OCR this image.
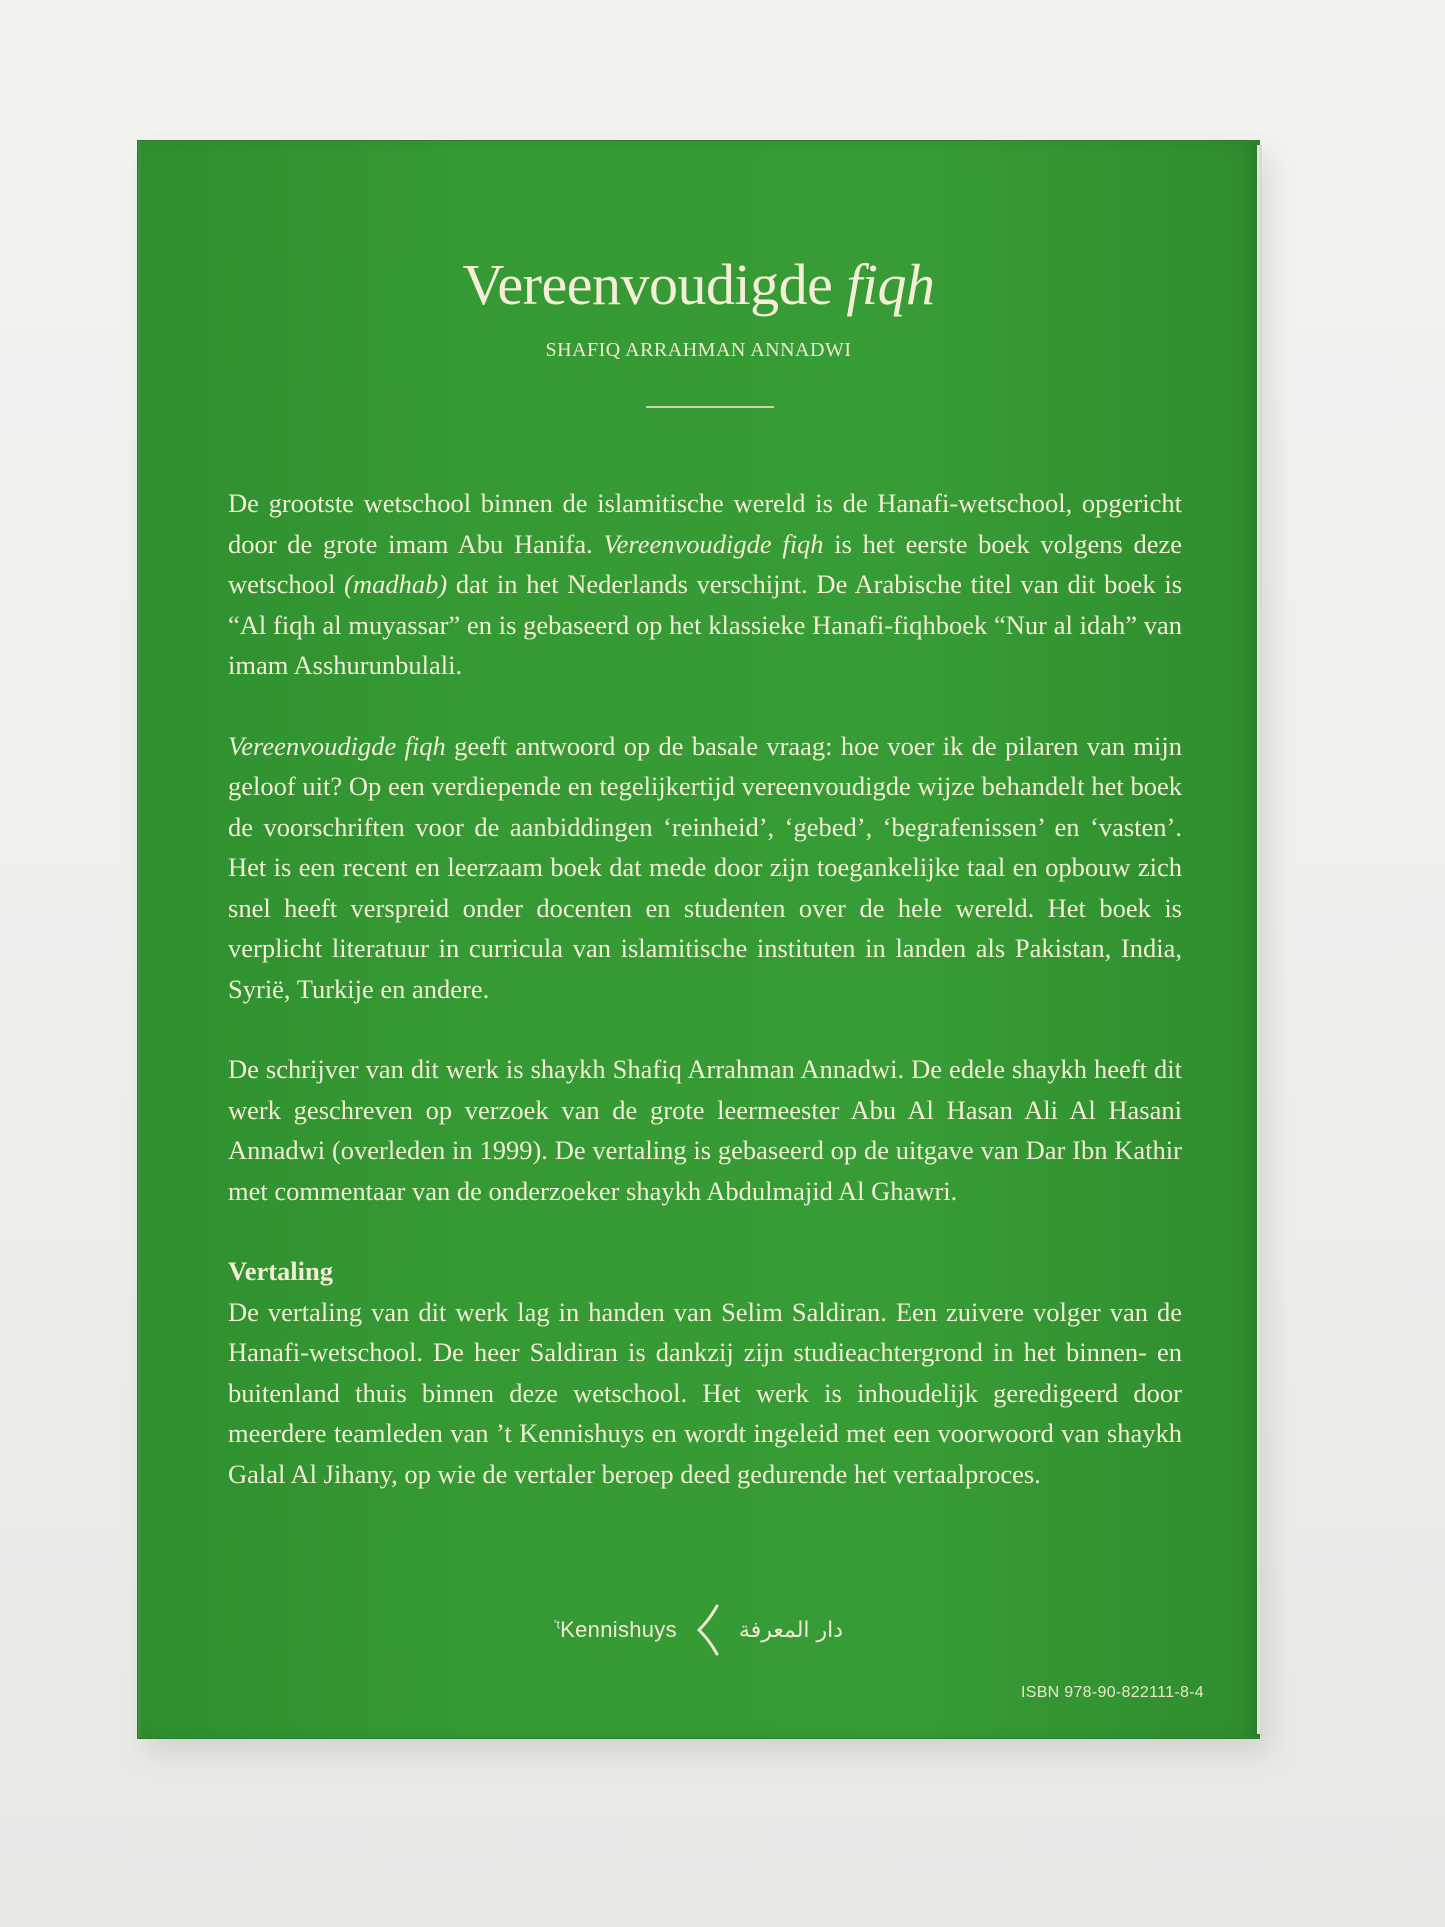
Vereenvoudigde fiqh
SHAFIQ ARRAHMAN ANNADWI

De grootste wetschool binnen de islamitische wereld is de Hanafi-wetschool, opgericht door de grote imam Abu Hanifa. Vereenvoudigde fiqh is het eerste boek volgens deze wetschool (madhab) dat in het Nederlands verschijnt. De Arabische titel van dit boek is “Al fiqh al muyassar” en is gebaseerd op het klassieke Hanafi-fiqhboek “Nur al idah” van imam Asshurunbulali.

Vereenvoudigde fiqh geeft antwoord op de basale vraag: hoe voer ik de pilaren van mijn geloof uit? Op een verdiepende en tegelijkertijd vereenvoudigde wijze behandelt het boek de voorschriften voor de aanbiddingen ‘reinheid’, ‘gebed’, ‘begrafenissen’ en ‘vasten’. Het is een recent en leerzaam boek dat mede door zijn toegankelijke taal en opbouw zich snel heeft verspreid onder docenten en studenten over de hele wereld. Het boek is verplicht literatuur in curricula van islamitische instituten in landen als Pakistan, India, Syrië, Turkije en andere.

De schrijver van dit werk is shaykh Shafiq Arrahman Annadwi. De edele shaykh heeft dit werk geschreven op verzoek van de grote leermeester Abu Al Hasan Ali Al Hasani Annadwi (overleden in 1999). De vertaling is gebaseerd op de uitgave van Dar Ibn Kathir met commentaar van de onderzoeker shaykh Abdulmajid Al Ghawri.

Vertaling

De vertaling van dit werk lag in handen van Selim Saldiran. Een zuivere volger van de Hanafi-wetschool. De heer Saldiran is dankzij zijn studieachtergrond in het binnen- en buitenland thuis binnen deze wetschool. Het werk is inhoudelijk geredigeerd door meerdere teamleden van ’t Kennishuys en wordt ingeleid met een voorwoord van shaykh Galal Al Jihany, op wie de vertaler beroep deed gedurende het vertaalproces.

$^{'t}$Kennishuys	دار المعرفة
ISBN 978-90-822111-8-4
